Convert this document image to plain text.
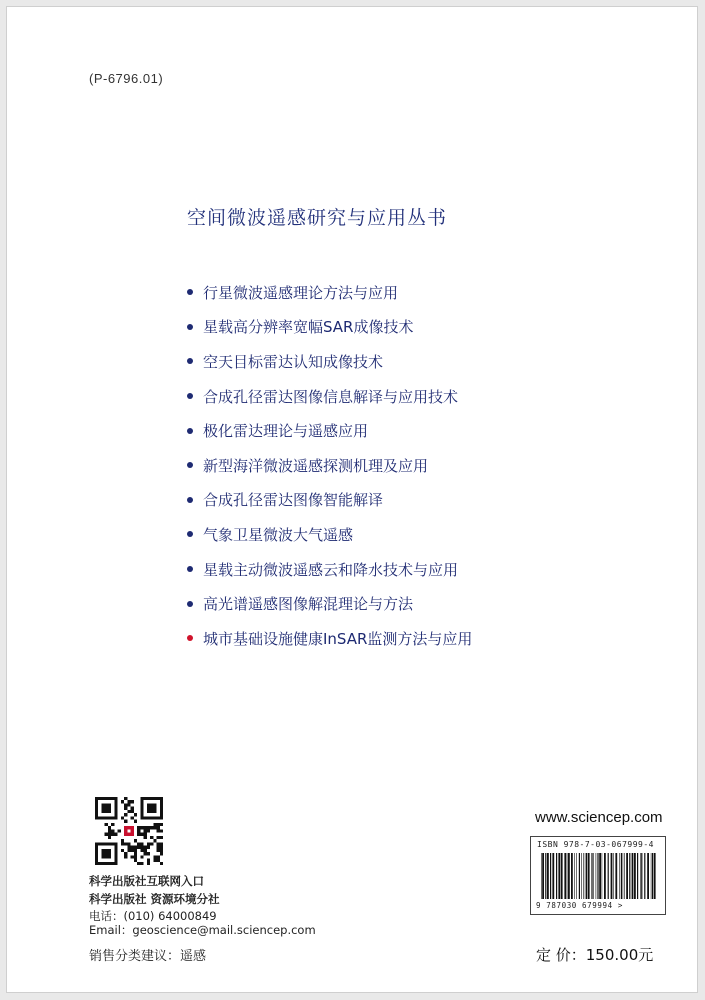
(P-6796.01)
空间微波遥感研究与应用丛书
行星微波遥感理论方法与应用
星载高分辨率宽幅SAR成像技术
空天目标雷达认知成像技术
合成孔径雷达图像信息解译与应用技术
极化雷达理论与遥感应用
新型海洋微波遥感探测机理及应用
合成孔径雷达图像智能解译
气象卫星微波大气遥感
星载主动微波遥感云和降水技术与应用
高光谱遥感图像解混理论与方法
城市基础设施健康InSAR监测方法与应用
科学出版社互联网入口
科学出版社 资源环境分社
电话：(010) 64000849
Email：geoscience@mail.sciencep.com
销售分类建议：遥感
www.sciencep.com
ISBN 978-7-03-067999-4
9 787030 679994 >
定 价：150.00元
